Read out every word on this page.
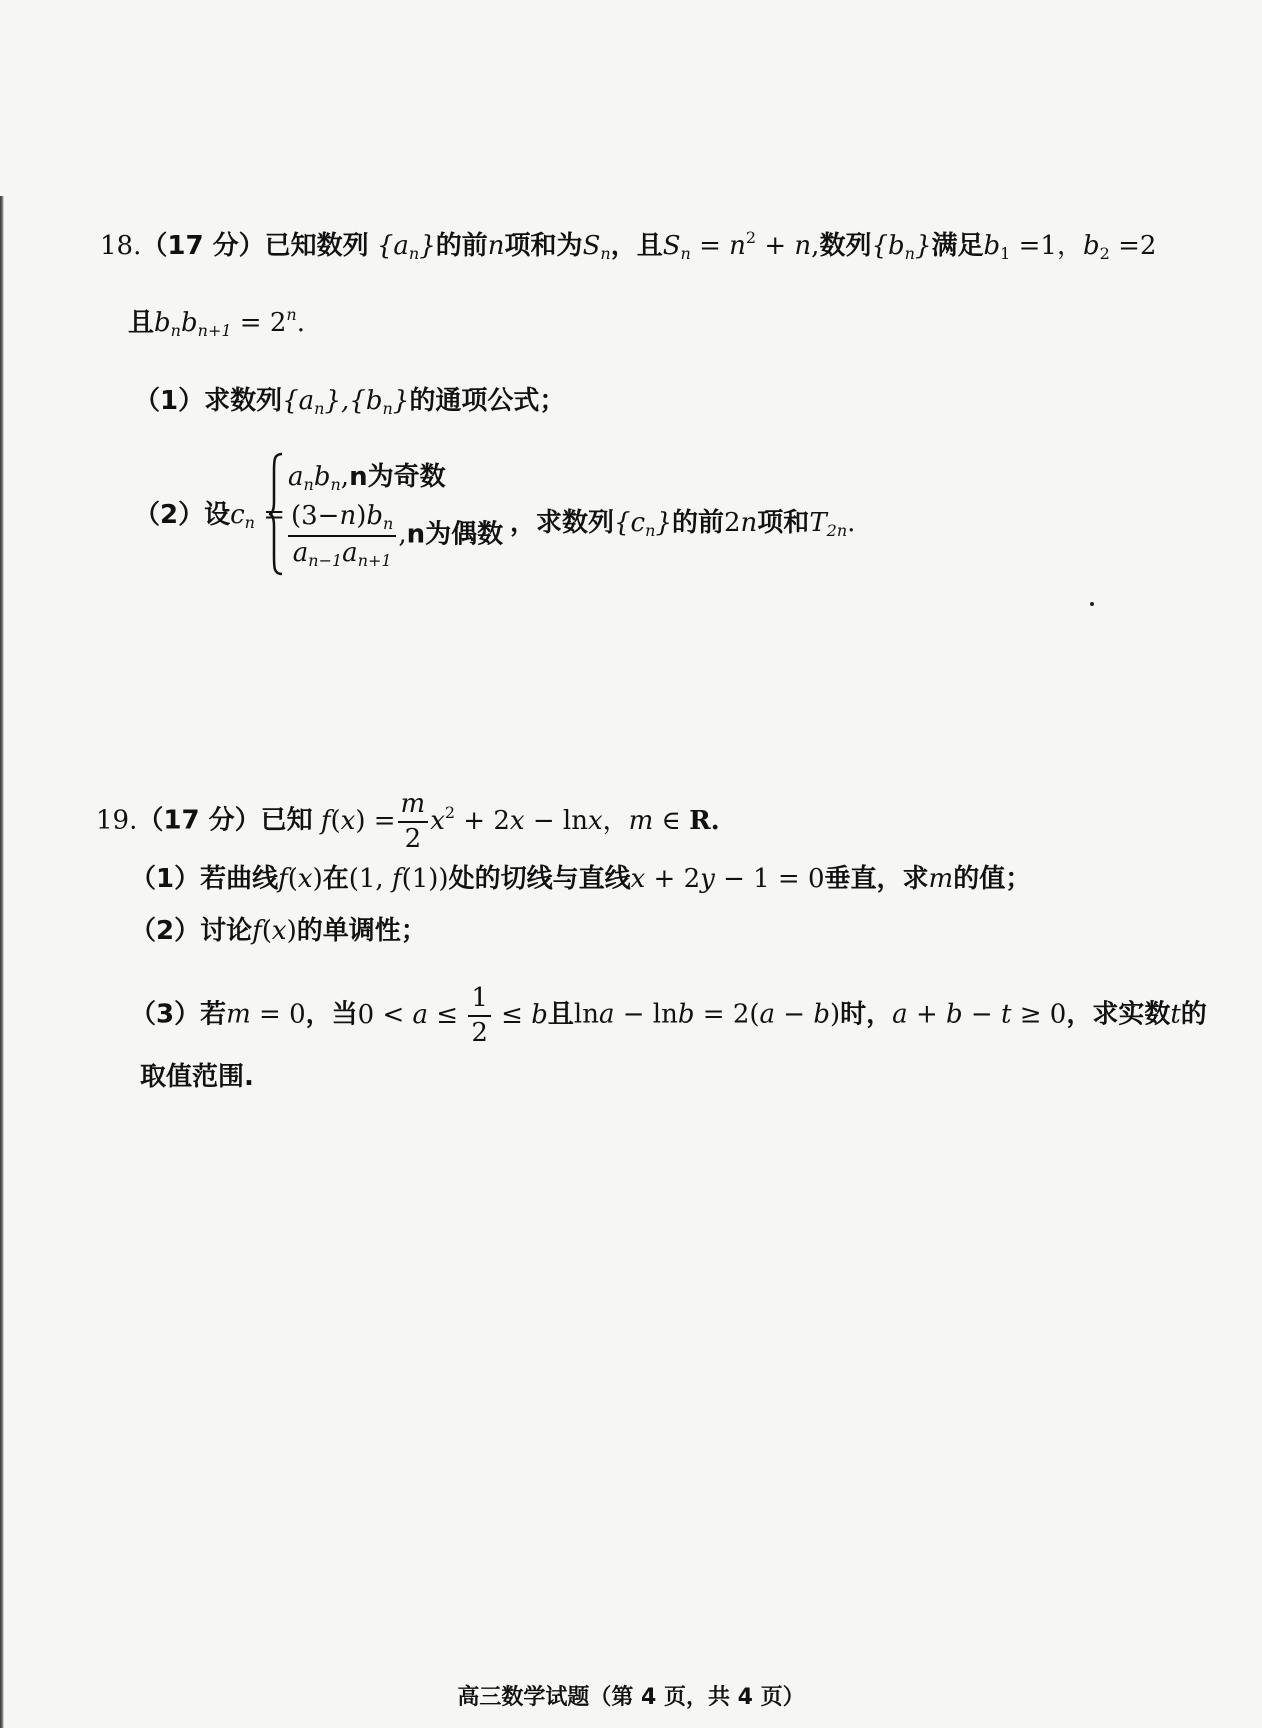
18.（17 分）已知数列 $\{a_n\}$的前n项和为$S_n$，且$S_n = n^2 + n$,数列$\{b_n\}$满足$b_1 =1$，$b_2 =2$
且$b_nb_{n+1} = 2^n$.
（1）求数列$\{a_n\},\{b_n\}$的通项公式；
（2）设$c_n$ =
$a_nb_n,n$为奇数
$\frac{(3-n)b_n}{a_{n-1}a_{n+1}} ,n$为偶数 ，求数列$\{c_n\}$的前2n项和$T_{2n}$.
19.（17 分）已知 $f(x) = \frac{m}{2} x^2 + 2x - \ln x$，m ∈ R.
（1）若曲线f(x)在(1, f(1))处的切线与直线x + 2y − 1 = 0垂直，求m的值；
（2）讨论f(x)的单调性；
（3）若m = 0，当$0 < a \le \frac{1}{2} \le b$且lna − lnb = 2(a − b)时，a + b − t ≥ 0，求实数t的
取值范围.
高三数学试题（第 4 页，共 4 页）
